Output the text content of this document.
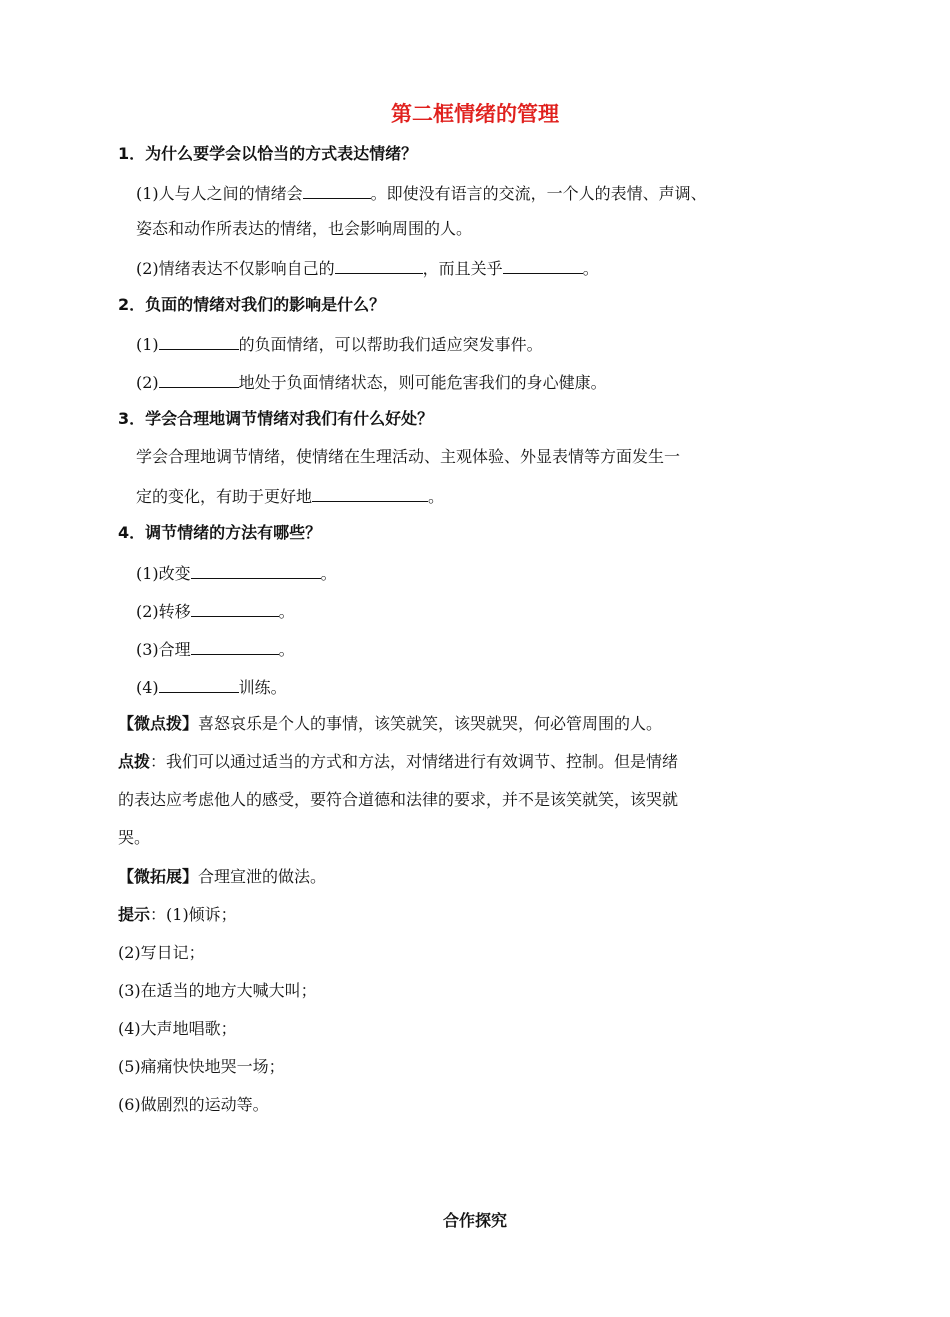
第二框情绪的管理
1．为什么要学会以恰当的方式表达情绪？
(1)人与人之间的情绪会	。即使没有语言的交流，一个人的表情、声调、
姿态和动作所表达的情绪，也会影响周围的人。
(2)情绪表达不仅影响自己的	，而且关乎	。
2．负面的情绪对我们的影响是什么？
(1)	的负面情绪，可以帮助我们适应突发事件。
(2)	地处于负面情绪状态，则可能危害我们的身心健康。
3．学会合理地调节情绪对我们有什么好处？
学会合理地调节情绪，使情绪在生理活动、主观体验、外显表情等方面发生一
定的变化，有助于更好地	。
4．调节情绪的方法有哪些？
(1)改变	。
(2)转移	。
(3)合理	。
(4)	训练。
【微点拨】喜怒哀乐是个人的事情，该笑就笑，该哭就哭，何必管周围的人。
点拨：我们可以通过适当的方式和方法，对情绪进行有效调节、控制。但是情绪
的表达应考虑他人的感受，要符合道德和法律的要求，并不是该笑就笑，该哭就
哭。
【微拓展】合理宣泄的做法。
提示：(1)倾诉；
(2)写日记；
(3)在适当的地方大喊大叫；
(4)大声地唱歌；
(5)痛痛快快地哭一场；
(6)做剧烈的运动等。
合作探究
